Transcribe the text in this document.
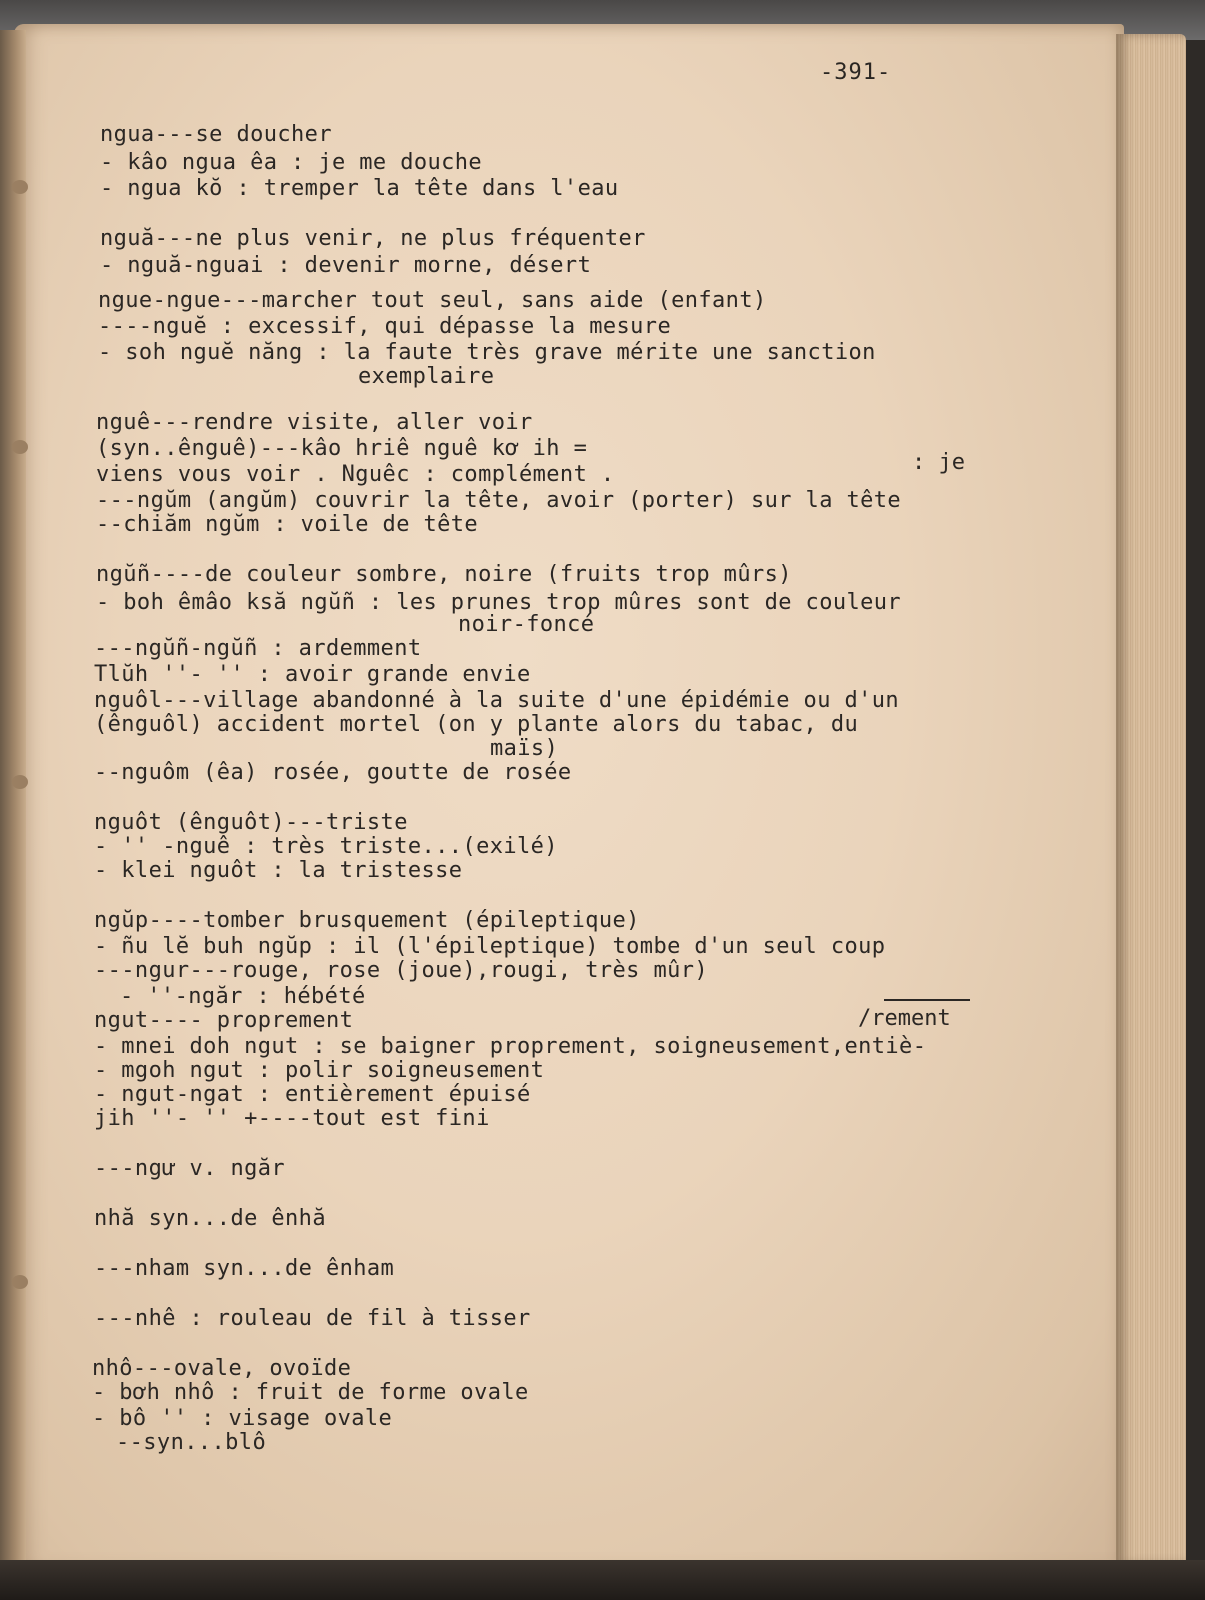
-391-
ngua---se doucher
- kâo ngua êa : je me douche
- ngua kŏ : tremper la tête dans l'eau
nguă---ne plus venir, ne plus fréquenter
- nguă-nguai : devenir morne, désert
ngue-ngue---marcher tout seul, sans aide (enfant)
----nguĕ : excessif, qui dépasse la mesure
- soh nguĕ năng : la faute très grave mérite une sanction
exemplaire
nguê---rendre visite, aller voir
(syn..ênguê)---kâo hriê nguê kơ ih =
: je
viens vous voir . Nguêc : complément .
---ngŭm (angŭm) couvrir la tête, avoir (porter) sur la tête
--chiăm ngŭm : voile de tête
ngŭñ----de couleur sombre, noire (fruits trop mûrs)
- boh êmâo ksă ngŭñ : les prunes trop mûres sont de couleur
noir-foncé
---ngŭñ-ngŭñ : ardemment
Tlŭh ''- '' : avoir grande envie
nguôl---village abandonné à la suite d'une épidémie ou d'un
(ênguôl) accident mortel (on y plante alors du tabac, du
maïs)
--nguôm (êa) rosée, goutte de rosée
nguôt (ênguôt)---triste
- '' -nguê : très triste...(exilé)
- klei nguôt : la tristesse
ngŭp----tomber brusquement (épileptique)
- ñu lĕ buh ngŭp : il (l'épileptique) tombe d'un seul coup
---ngur---rouge, rose (joue),rougi, très mûr)
- ''-ngăr : hébété
/rement
ngut---- proprement
- mnei doh ngut : se baigner proprement, soigneusement,entiè-
- mgoh ngut : polir soigneusement
- ngut-ngat : entièrement épuisé
jih ''- '' +----tout est fini
---ngư v. ngăr
nhă syn...de ênhă
---nham syn...de ênham
---nhê : rouleau de fil à tisser
nhô---ovale, ovoïde
- bơh nhô : fruit de forme ovale
- bô '' : visage ovale
--syn...blô
